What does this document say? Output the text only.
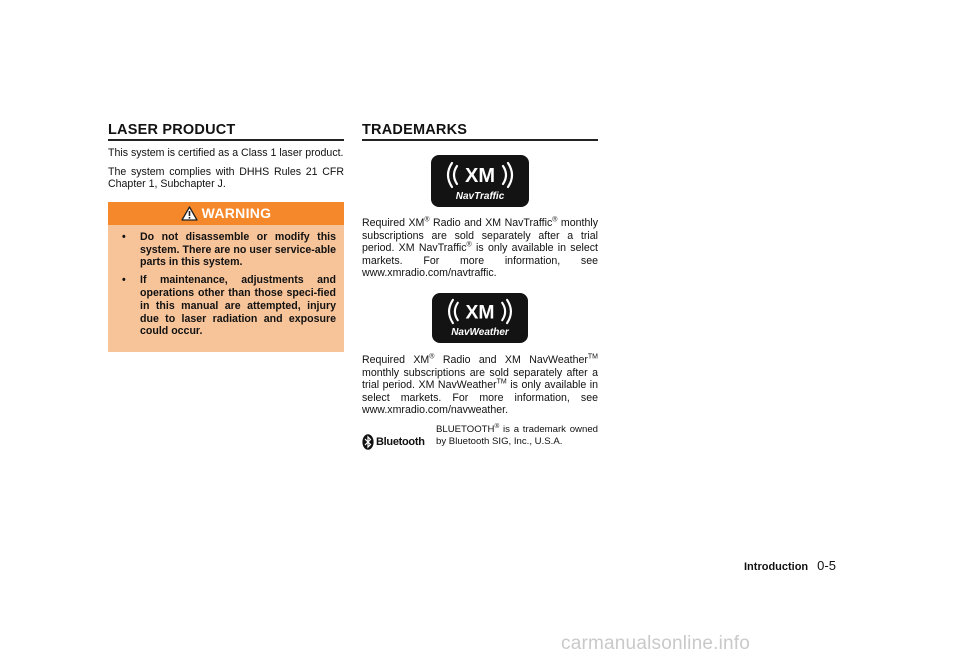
LASER PRODUCT

This system is certified as a Class 1 laser product.

The system complies with DHHS Rules 21 CFR Chapter 1, Subchapter J.

WARNING
• Do not disassemble or modify this system. There are no user service-able parts in this system.
• If maintenance, adjustments and operations other than those speci-fied in this manual are attempted, injury due to laser radiation and exposure could occur.
TRADEMARKS
XM
NavTraffic

Required XM® Radio and XM NavTraffic® monthly subscriptions are sold separately after a trial period. XM NavTraffic® is only available in select markets. For more information, see www.xmradio.com/navtraffic.

XM
NavWeather

Required XM® Radio and XM NavWeather™ monthly subscriptions are sold separately after a trial period. XM NavWeather™ is only available in select markets. For more information, see www.xmradio.com/navweather.

Bluetooth
BLUETOOTH® is a trademark owned by Bluetooth SIG, Inc., U.S.A.
Introduction 0-5
carmanualsonline.info
